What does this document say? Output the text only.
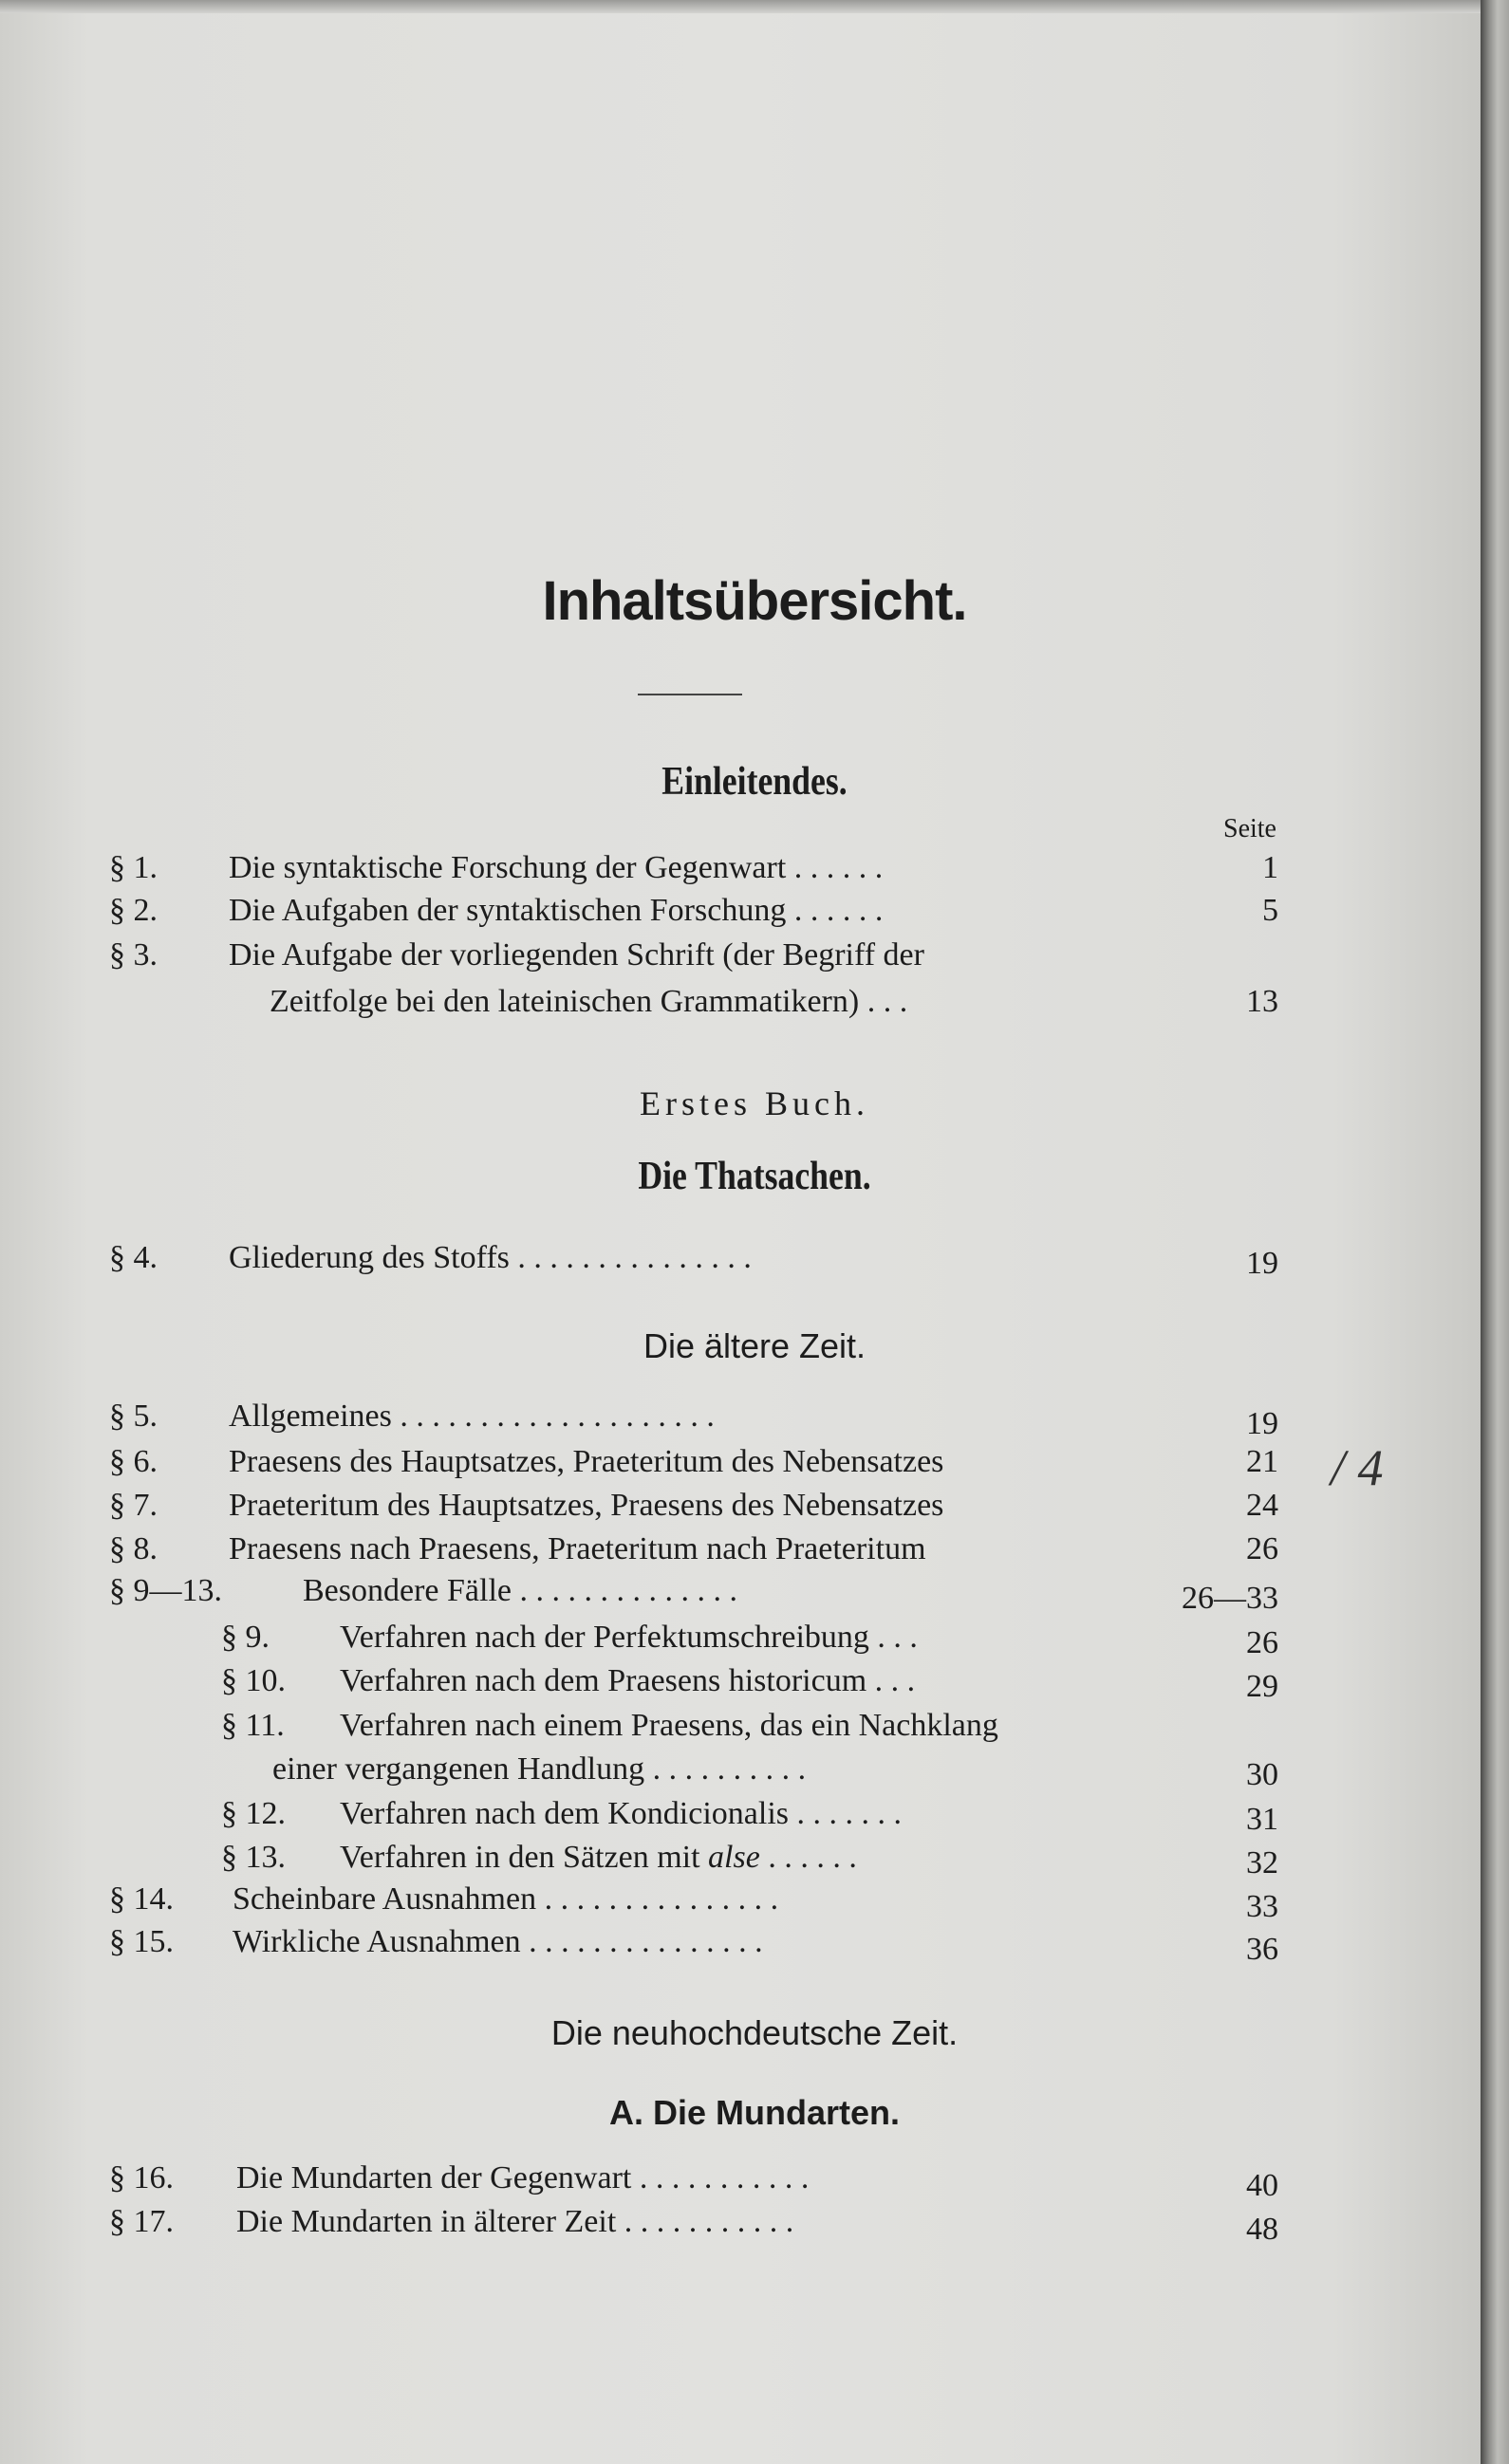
Inhaltsübersicht.
Einleitendes.
Seite
§ 1. Die syntaktische Forschung der Gegenwart . . . . . .	1
§ 2. Die Aufgaben der syntaktischen Forschung . . . . . .	5
§ 3. Die Aufgabe der vorliegenden Schrift (der Begriff der
Zeitfolge bei den lateinischen Grammatikern) . . .	13
Erstes Buch.
Die Thatsachen.
§ 4. Gliederung des Stoffs . . . . . . . . . . . . . . .	19
Die ältere Zeit.
§ 5. Allgemeines . . . . . . . . . . . . . . . . . . . .	19
§ 6. Praesens des Hauptsatzes, Praeteritum des Nebensatzes	21
§ 7. Praeteritum des Hauptsatzes, Praesens des Nebensatzes	24
§ 8. Praesens nach Praesens, Praeteritum nach Praeteritum	26
§ 9—13.	Besondere Fälle . . . . . . . . . . . . . .	26—33
§ 9. Verfahren nach der Perfektumschreibung . . .	26
§ 10. Verfahren nach dem Praesens historicum . . .	29
§ 11. Verfahren nach einem Praesens, das ein Nachklang
einer vergangenen Handlung . . . . . . . . . .	30
§ 12. Verfahren nach dem Kondicionalis . . . . . . .	31
§ 13. Verfahren in den Sätzen mit alse . . . . . .	32
§ 14. Scheinbare Ausnahmen . . . . . . . . . . . . . . .	33
§ 15. Wirkliche Ausnahmen . . . . . . . . . . . . . . .	36
Die neuhochdeutsche Zeit.
A. Die Mundarten.
§ 16. Die Mundarten der Gegenwart . . . . . . . . . . .	40
§ 17. Die Mundarten in älterer Zeit . . . . . . . . . . .	48
/ 4
